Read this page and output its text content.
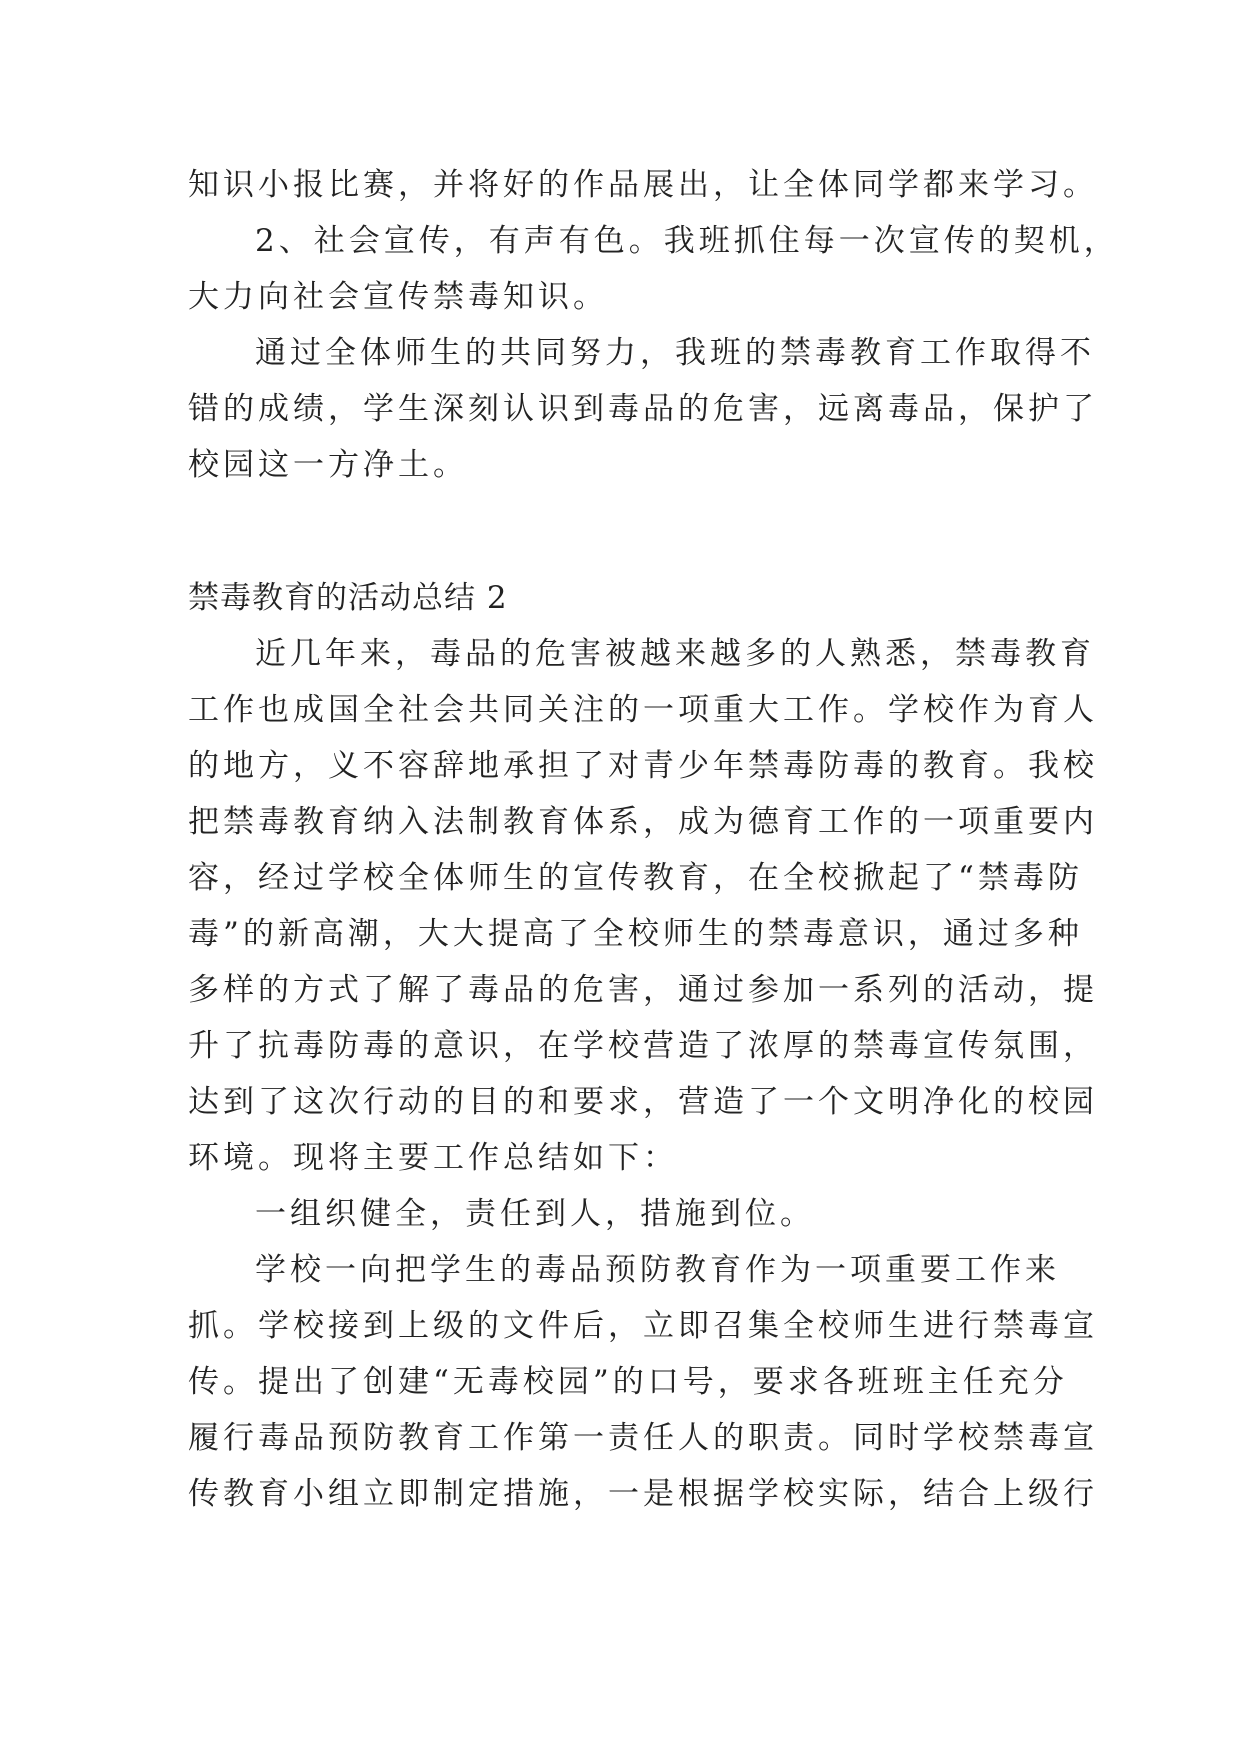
知识小报比赛，并将好的作品展出，让全体同学都来学习。
2、社会宣传，有声有色。我班抓住每一次宣传的契机，
大力向社会宣传禁毒知识。
通过全体师生的共同努力，我班的禁毒教育工作取得不
错的成绩，学生深刻认识到毒品的危害，远离毒品，保护了
校园这一方净土。
禁毒教育的活动总结 2
近几年来，毒品的危害被越来越多的人熟悉，禁毒教育
工作也成国全社会共同关注的一项重大工作。学校作为育人
的地方，义不容辞地承担了对青少年禁毒防毒的教育。我校
把禁毒教育纳入法制教育体系，成为德育工作的一项重要内
容，经过学校全体师生的宣传教育，在全校掀起了“禁毒防
毒”的新高潮，大大提高了全校师生的禁毒意识，通过多种
多样的方式了解了毒品的危害，通过参加一系列的活动，提
升了抗毒防毒的意识，在学校营造了浓厚的禁毒宣传氛围，
达到了这次行动的目的和要求，营造了一个文明净化的校园
环境。现将主要工作总结如下：
一组织健全，责任到人，措施到位。
学校一向把学生的毒品预防教育作为一项重要工作来
抓。学校接到上级的文件后，立即召集全校师生进行禁毒宣
传。提出了创建“无毒校园”的口号，要求各班班主任充分
履行毒品预防教育工作第一责任人的职责。同时学校禁毒宣
传教育小组立即制定措施，一是根据学校实际，结合上级行
